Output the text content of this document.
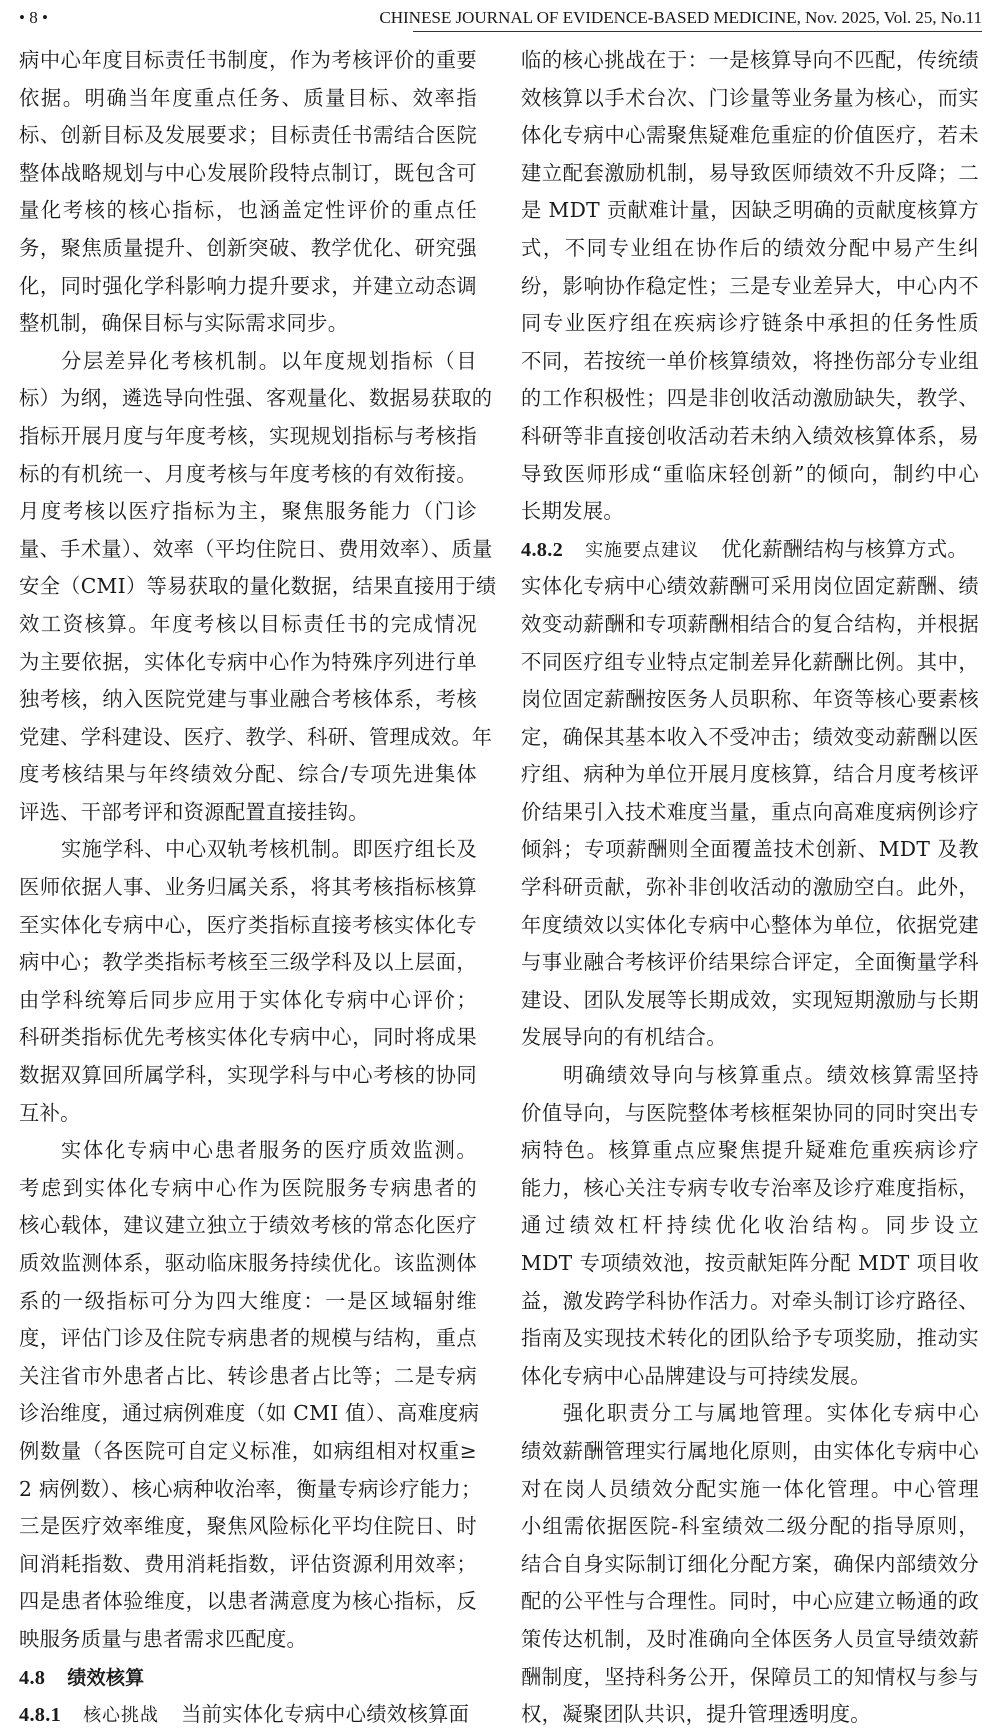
• 8 •	CHINESE JOURNAL OF EVIDENCE-BASED MEDICINE, Nov. 2025, Vol. 25, No.11
病中心年度目标责任书制度，作为考核评价的重要
依据。明确当年度重点任务、质量目标、效率指
标、创新目标及发展要求；目标责任书需结合医院
整体战略规划与中心发展阶段特点制订，既包含可
量化考核的核心指标，也涵盖定性评价的重点任
务，聚焦质量提升、创新突破、教学优化、研究强
化，同时强化学科影响力提升要求，并建立动态调
整机制，确保目标与实际需求同步。
分层差异化考核机制。以年度规划指标（目
标）为纲，遴选导向性强、客观量化、数据易获取的
指标开展月度与年度考核，实现规划指标与考核指
标的有机统一、月度考核与年度考核的有效衔接。
月度考核以医疗指标为主，聚焦服务能力（门诊
量、手术量）、效率（平均住院日、费用效率）、质量
安全（CMI）等易获取的量化数据，结果直接用于绩
效工资核算。年度考核以目标责任书的完成情况
为主要依据，实体化专病中心作为特殊序列进行单
独考核，纳入医院党建与事业融合考核体系，考核
党建、学科建设、医疗、教学、科研、管理成效。年
度考核结果与年终绩效分配、综合/专项先进集体
评选、干部考评和资源配置直接挂钩。
实施学科、中心双轨考核机制。即医疗组长及
医师依据人事、业务归属关系，将其考核指标核算
至实体化专病中心，医疗类指标直接考核实体化专
病中心；教学类指标考核至三级学科及以上层面，
由学科统筹后同步应用于实体化专病中心评价；
科研类指标优先考核实体化专病中心，同时将成果
数据双算回所属学科，实现学科与中心考核的协同
互补。
实体化专病中心患者服务的医疗质效监测。
考虑到实体化专病中心作为医院服务专病患者的
核心载体，建议建立独立于绩效考核的常态化医疗
质效监测体系，驱动临床服务持续优化。该监测体
系的一级指标可分为四大维度：一是区域辐射维
度，评估门诊及住院专病患者的规模与结构，重点
关注省市外患者占比、转诊患者占比等；二是专病
诊治维度，通过病例难度（如 CMI 值）、高难度病
例数量（各医院可自定义标准，如病组相对权重≥
2 病例数）、核心病种收治率，衡量专病诊疗能力；
三是医疗效率维度，聚焦风险标化平均住院日、时
间消耗指数、费用消耗指数，评估资源利用效率；
四是患者体验维度，以患者满意度为核心指标，反
映服务质量与患者需求匹配度。
4.8 绩效核算
4.8.1 核心挑战 当前实体化专病中心绩效核算面
临的核心挑战在于：一是核算导向不匹配，传统绩
效核算以手术台次、门诊量等业务量为核心，而实
体化专病中心需聚焦疑难危重症的价值医疗，若未
建立配套激励机制，易导致医师绩效不升反降；二
是 MDT 贡献难计量，因缺乏明确的贡献度核算方
式，不同专业组在协作后的绩效分配中易产生纠
纷，影响协作稳定性；三是专业差异大，中心内不
同专业医疗组在疾病诊疗链条中承担的任务性质
不同，若按统一单价核算绩效，将挫伤部分专业组
的工作积极性；四是非创收活动激励缺失，教学、
科研等非直接创收活动若未纳入绩效核算体系，易
导致医师形成“重临床轻创新”的倾向，制约中心
长期发展。
4.8.2 实施要点建议 优化薪酬结构与核算方式。
实体化专病中心绩效薪酬可采用岗位固定薪酬、绩
效变动薪酬和专项薪酬相结合的复合结构，并根据
不同医疗组专业特点定制差异化薪酬比例。其中，
岗位固定薪酬按医务人员职称、年资等核心要素核
定，确保其基本收入不受冲击；绩效变动薪酬以医
疗组、病种为单位开展月度核算，结合月度考核评
价结果引入技术难度当量，重点向高难度病例诊疗
倾斜；专项薪酬则全面覆盖技术创新、MDT 及教
学科研贡献，弥补非创收活动的激励空白。此外，
年度绩效以实体化专病中心整体为单位，依据党建
与事业融合考核评价结果综合评定，全面衡量学科
建设、团队发展等长期成效，实现短期激励与长期
发展导向的有机结合。
明确绩效导向与核算重点。绩效核算需坚持
价值导向，与医院整体考核框架协同的同时突出专
病特色。核算重点应聚焦提升疑难危重疾病诊疗
能力，核心关注专病专收专治率及诊疗难度指标，
通过绩效杠杆持续优化收治结构。同步设立
MDT 专项绩效池，按贡献矩阵分配 MDT 项目收
益，激发跨学科协作活力。对牵头制订诊疗路径、
指南及实现技术转化的团队给予专项奖励，推动实
体化专病中心品牌建设与可持续发展。
强化职责分工与属地管理。实体化专病中心
绩效薪酬管理实行属地化原则，由实体化专病中心
对在岗人员绩效分配实施一体化管理。中心管理
小组需依据医院-科室绩效二级分配的指导原则，
结合自身实际制订细化分配方案，确保内部绩效分
配的公平性与合理性。同时，中心应建立畅通的政
策传达机制，及时准确向全体医务人员宣导绩效薪
酬制度，坚持科务公开，保障员工的知情权与参与
权，凝聚团队共识，提升管理透明度。
